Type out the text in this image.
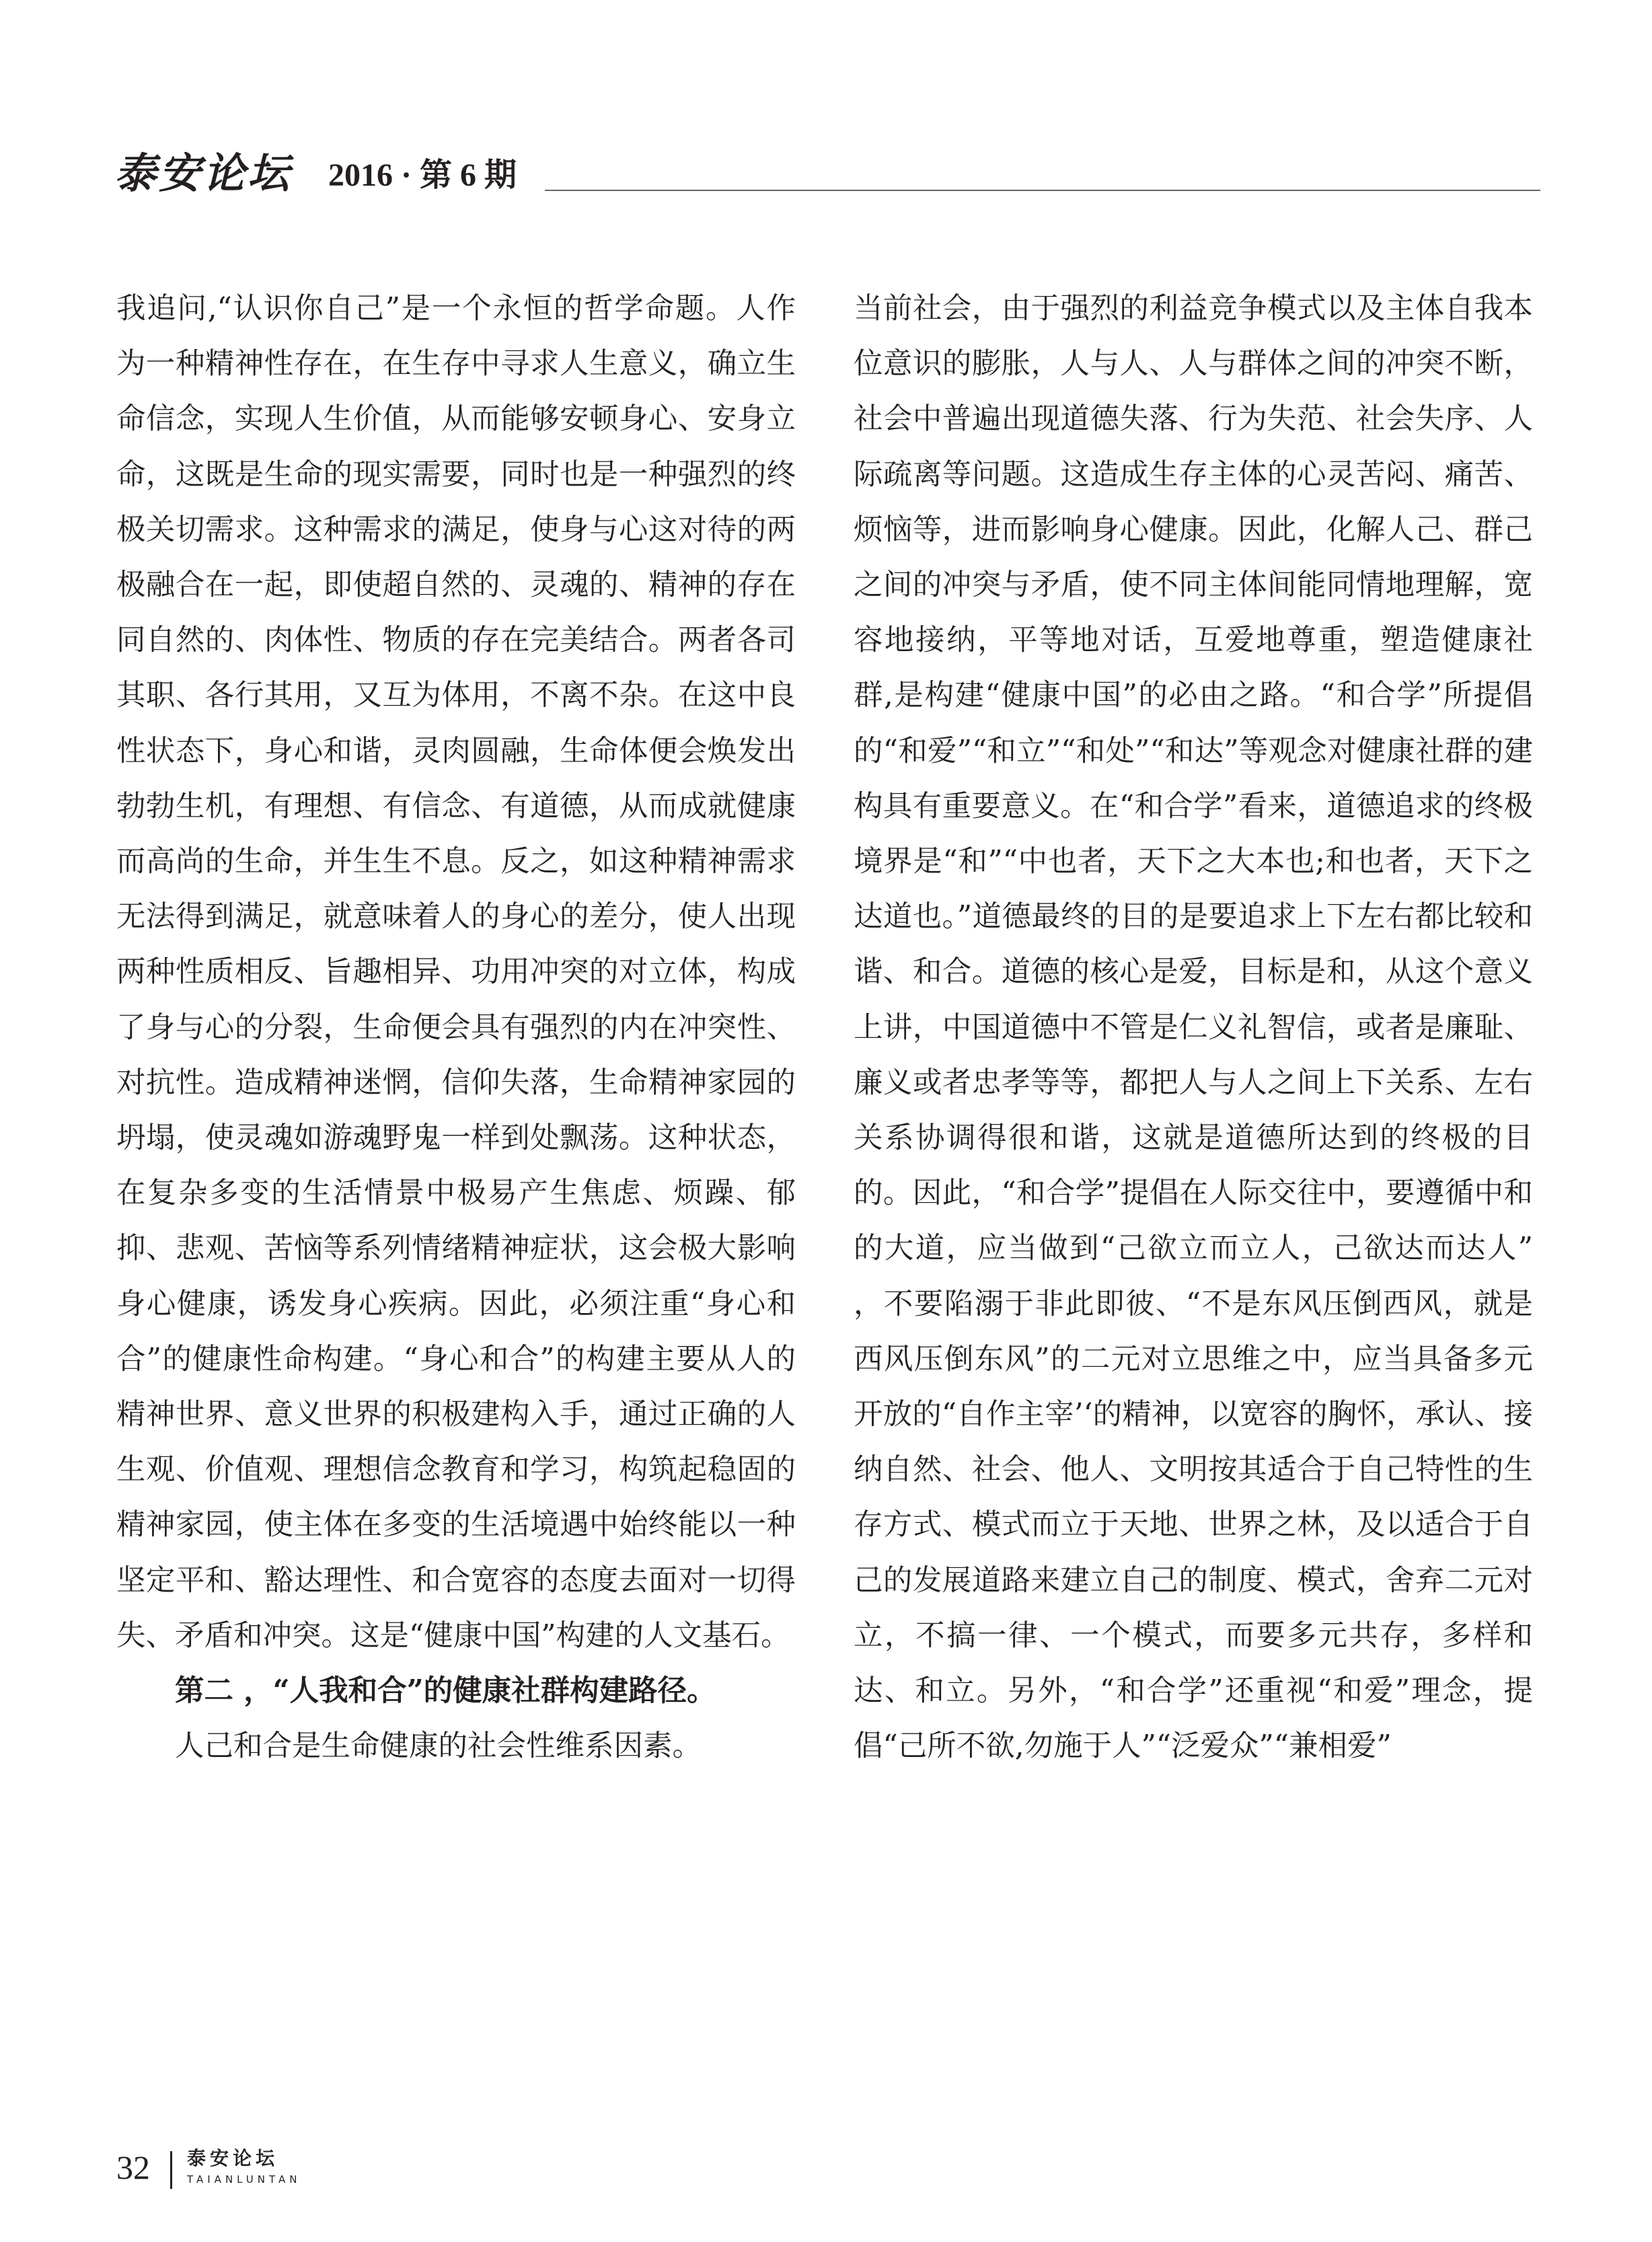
泰安论坛 2016 · 第 6 期

我追问,“认识你自己”是一个永恒的哲学命题。人作为一种精神性存在，在生存中寻求人生意义，确立生命信念，实现人生价值，从而能够安顿身心、安身立命，这既是生命的现实需要，同时也是一种强烈的终极关切需求。这种需求的满足，使身与心这对待的两极融合在一起，即使超自然的、灵魂的、精神的存在同自然的、肉体性、物质的存在完美结合。两者各司其职、各行其用，又互为体用，不离不杂。在这中良性状态下，身心和谐，灵肉圆融，生命体便会焕发出勃勃生机，有理想、有信念、有道德，从而成就健康而高尚的生命，并生生不息。反之，如这种精神需求无法得到满足，就意味着人的身心的差分，使人出现两种性质相反、旨趣相异、功用冲突的对立体，构成了身与心的分裂，生命便会具有强烈的内在冲突性、对抗性。造成精神迷惘，信仰失落，生命精神家园的坍塌，使灵魂如游魂野鬼一样到处飘荡。这种状态，在复杂多变的生活情景中极易产生焦虑、烦躁、郁抑、悲观、苦恼等系列情绪精神症状，这会极大影响身心健康，诱发身心疾病。因此，必须注重“身心和合”的健康性命构建。“身心和合”的构建主要从人的精神世界、意义世界的积极建构入手，通过正确的人生观、价值观、理想信念教育和学习，构筑起稳固的精神家园，使主体在多变的生活境遇中始终能以一种坚定平和、豁达理性、和合宽容的态度去面对一切得失、矛盾和冲突。这是“健康中国”构建的人文基石。

第二 ，“人我和合”的健康社群构建路径。

人己和合是生命健康的社会性维系因素。

当前社会，由于强烈的利益竞争模式以及主体自我本位意识的膨胀，人与人、人与群体之间的冲突不断，社会中普遍出现道德失落、行为失范、社会失序、人际疏离等问题。这造成生存主体的心灵苦闷、痛苦、烦恼等，进而影响身心健康。因此，化解人己、群己之间的冲突与矛盾，使不同主体间能同情地理解，宽容地接纳，平等地对话，互爱地尊重，塑造健康社群,是构建“健康中国”的必由之路。“和合学”所提倡的“和爱”“和立”“和处”“和达”等观念对健康社群的建构具有重要意义。在“和合学”看来，道德追求的终极境界是“和”“中也者，天下之大本也;和也者，天下之达道也。”道德最终的目的是要追求上下左右都比较和谐、和合。道德的核心是爱，目标是和，从这个意义上讲，中国道德中不管是仁义礼智信，或者是廉耻、廉义或者忠孝等等，都把人与人之间上下关系、左右关系协调得很和谐，这就是道德所达到的终极的目的。因此，“和合学”提倡在人际交往中，要遵循中和的大道，应当做到“己欲立而立人，己欲达而达人” ，不要陷溺于非此即彼、“不是东风压倒西风，就是西风压倒东风”的二元对立思维之中，应当具备多元开放的“自作主宰’‘的精神，以宽容的胸怀，承认、接纳自然、社会、他人、文明按其适合于自己特性的生存方式、模式而立于天地、世界之林，及以适合于自己的发展道路来建立自己的制度、模式，舍弃二元对立，不搞一律、一个模式，而要多元共存，多样和达、和立。另外，“和合学”还重视“和爱”理念，提倡“己所不欲,勿施于人”“泛爱众”“兼相爱”

32 泰安论坛
TAIANLUNTAN
